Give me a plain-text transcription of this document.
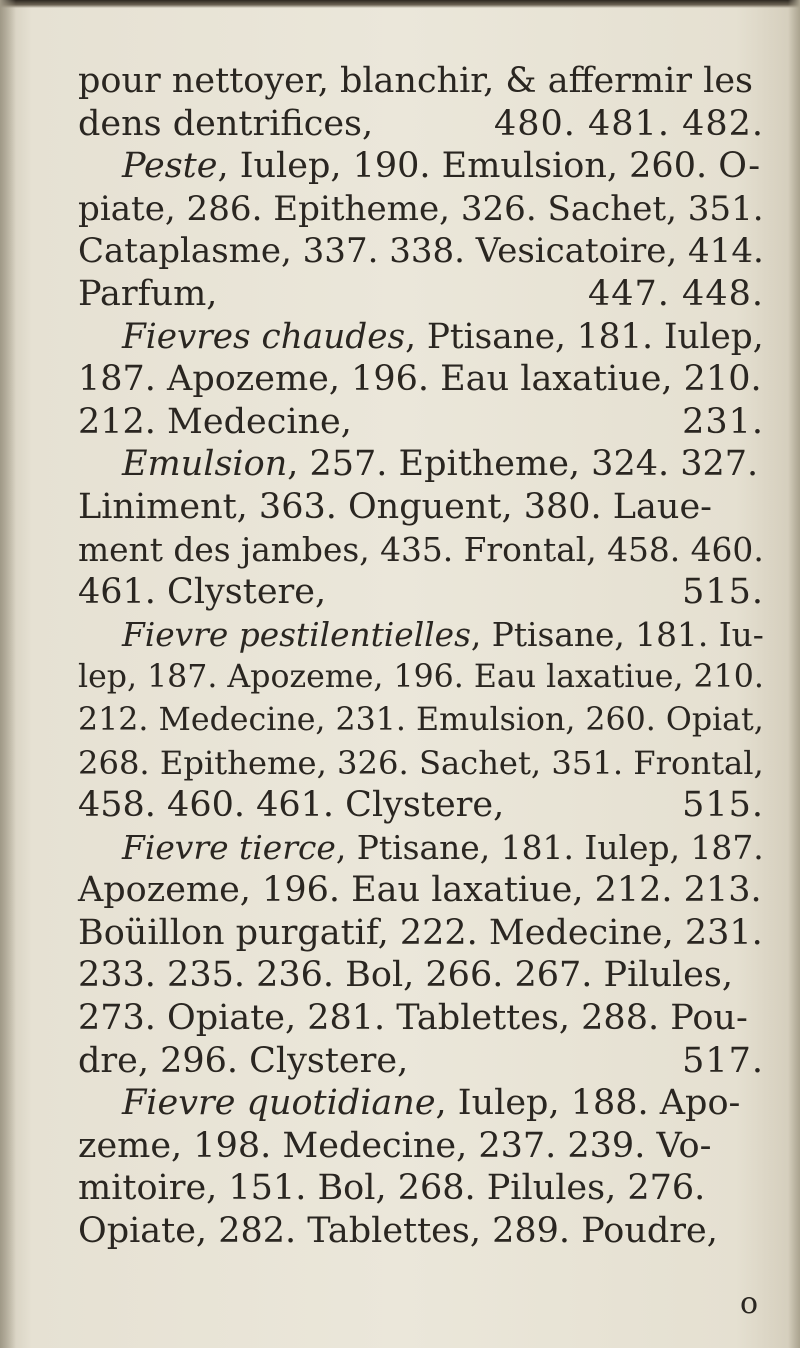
pour nettoyer, blanchir, & affermir les
dens dentrifices,	480. 481. 482.
Peste , Iulep, 190. Emulsion, 260. O-
piate, 286. Epitheme, 326. Sachet, 351.
Cataplasme, 337. 338. Vesicatoire, 414.
Parfum,	447. 448.
Fievres chaudes , Ptisane, 181. Iulep,
187. Apozeme, 196. Eau laxatiue, 210.
212. Medecine,	231.
Emulsion , 257. Epitheme, 324. 327.
Liniment, 363. Onguent, 380. Laue-
ment des jambes, 435. Frontal, 458. 460.
461. Clystere,	515.
Fievre pestilentielles , Ptisane, 181. Iu-
lep, 187. Apozeme, 196. Eau laxatiue, 210.
212. Medecine, 231. Emulsion, 260. Opiat,
268. Epitheme, 326. Sachet, 351. Frontal,
458. 460. 461. Clystere,	515.
Fievre tierce , Ptisane, 181. Iulep, 187.
Apozeme, 196. Eau laxatiue, 212. 213.
Boüillon purgatif, 222. Medecine, 231.
233. 235. 236. Bol, 266. 267. Pilules,
273. Opiate, 281. Tablettes, 288. Pou-
dre, 296. Clystere,	517.
Fievre quotidiane , Iulep, 188. Apo-
zeme, 198. Medecine, 237. 239. Vo-
mitoire, 151. Bol, 268. Pilules, 276.
Opiate, 282. Tablettes, 289. Poudre,
o
